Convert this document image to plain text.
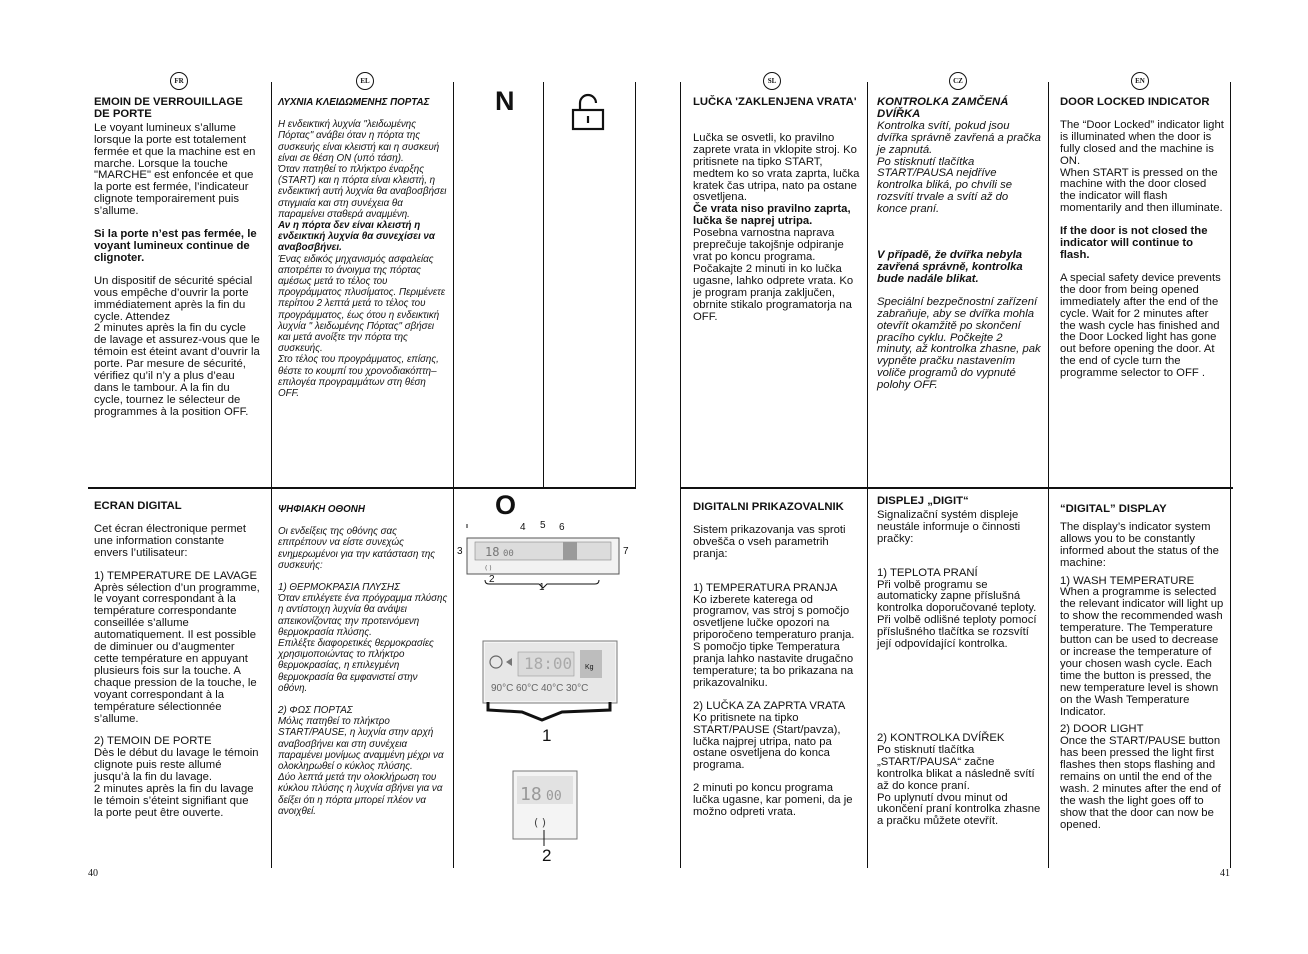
FR	EL	SL	CZ	EN
N
O

EMOIN DE VERROUILLAGE DE PORTE

Le voyant lumineux s’allume lorsque la porte est totalement fermée et que la machine est en marche. Lorsque la touche "MARCHE" est enfoncée et que la porte est fermée, l’indicateur clignote temporairement puis s’allume.

Si la porte n’est pas fermée, le voyant lumineux continue de clignoter.

Un dispositif de sécurité spécial vous empêche d’ouvrir la porte immédiatement après la fin du cycle. Attendez
2 minutes après la fin du cycle de lavage et assurez-vous que le témoin est éteint avant d’ouvrir la porte. Par mesure de sécurité, vérifiez qu’il n’y a plus d’eau dans le tambour. A la fin du cycle, tournez le sélecteur de programmes à la position OFF.

ECRAN DIGITAL

Cet écran électronique permet une information constante envers l’utilisateur:

1) TEMPERATURE DE LAVAGE
Après sélection d’un programme, le voyant correspondant à la température correspondante conseillée s’allume automatiquement. Il est possible de diminuer ou d’augmenter cette température en appuyant plusieurs fois sur la touche. A chaque pression de la touche, le voyant correspondant à la température sélectionnée s’allume.

2) TEMOIN DE PORTE
Dès le début du lavage le témoin clignote puis reste allumé jusqu’à la fin du lavage.
2 minutes après la fin du lavage le témoin s’éteint signifiant que la porte peut être ouverte.

ΛΥΧΝΙΑ ΚΛΕΙΔΩΜΕΝΗΣ ΠΟΡΤΑΣ

Η ενδεικτική λυχνία "λειδωμένης Πόρτας" ανάβει όταν η πόρτα της συσκευής είναι κλειστή και η συσκευή είναι σε θέση ON (υπό τάση).
Όταν πατηθεί το πλήκτρο έναρξης (START) και η πόρτα είναι κλειστή, η ενδεικτική αυτή λυχνία θα αναβοσβήσει στιγμιαία και στη συνέχεια θα παραμείνει σταθερά αναμμένη.

Αν η πόρτα δεν είναι κλειστή η ενδεικτική λυχνία θα συνεχίσει να αναβοσβήνει.

Ένας ειδικός μηχανισμός ασφαλείας αποτρέπει το άνοιγμα της πόρτας αμέσως μετά το τέλος του προγράμματος πλυσίματος. Περιμένετε περίπου 2 λεπτά μετά το τέλος του προγράμματος, έως ότου η ενδεικτική λυχνία " λειδωμένης Πόρτας" σβήσει και μετά ανοίξτε την πόρτα της συσκευής.
Στο τέλος του προγράμματος, επίσης, θέστε το κουμπί του χρονοδιακόπτη–επιλογέα προγραμμάτων στη θέση OFF.

ΨΗΦΙΑΚΗ ΟΘΟΝΗ

Οι ενδείξεις της οθόνης σας επιτρέπουν να είστε συνεχώς ενημερωμένοι για την κατάσταση της συσκευής:

1) ΘΕΡΜΟΚΡΑΣΙΑ ΠΛΥΣΗΣ
Όταν επιλέγετε ένα πρόγραμμα πλύσης η αντίστοιχη λυχνία θα ανάψει απεικονίζοντας την προτεινόμενη θερμοκρασία πλύσης.
Επιλέξτε διαφορετικές θερμοκρασίες χρησιμοποιώντας το πλήκτρο θερμοκρασίας, η επιλεγμένη θερμοκρασία θα εμφανιστεί στην οθόνη.

2) ΦΩΣ ΠΟΡΤΑΣ
Μόλις πατηθεί το πλήκτρο START/PAUSE, η λυχνία στην αρχή αναβοσβήνει και στη συνέχεια παραμένει μονίμως αναμμένη μέχρι να ολοκληρωθεί ο κύκλος πλύσης.
Δύο λεπτά μετά την ολοκλήρωση του κύκλου πλύσης η λυχνία σβήνει για να δείξει ότι η πόρτα μπορεί πλέον να ανοιχθεί.

18 00
( )
4 5 6
3	7
2
1
Kg
18:00
90°C 60°C 40°C 30°C
1
18 00
( )
2

LUČKA 'ZAKLENJENA VRATA'

Lučka se osvetli, ko pravilno zaprete vrata in vklopite stroj. Ko pritisnete na tipko START, medtem ko so vrata zaprta, lučka kratek čas utripa, nato pa ostane osvetljena.

Če vrata niso pravilno zaprta, lučka še naprej utripa.

Posebna varnostna naprava preprečuje takojšnje odpiranje vrat po koncu programa. Počakajte 2 minuti in ko lučka ugasne, lahko odprete vrata. Ko je program pranja zaključen, obrnite stikalo programatorja na OFF.

DIGITALNI PRIKAZOVALNIK

Sistem prikazovanja vas sproti obvešča o vseh parametrih pranja:

1) TEMPERATURA PRANJA
Ko izberete katerega od programov, vas stroj s pomočjo osvetljene lučke opozori na priporočeno temperaturo pranja.
S pomočjo tipke Temperatura pranja lahko nastavite drugačno temperature; ta bo prikazana na prikazovalniku.

2) LUČKA ZA ZAPRTA VRATA
Ko pritisnete na tipko START/PAUSE (Start/pavza), lučka najprej utripa, nato pa ostane osvetljena do konca programa.

2 minuti po koncu programa lučka ugasne, kar pomeni, da je možno odpreti vrata.

KONTROLKA ZAMČENÁ DVÍŘKA

Kontrolka svítí, pokud jsou dvířka správně zavřená a pračka je zapnutá.
Po stisknutí tlačítka START/PAUSA nejdříve kontrolka bliká, po chvíli se rozsvítí trvale a svítí až do konce praní.

V případě, že dvířka nebyla zavřená správně, kontrolka bude nadále blikat.

Speciální bezpečnostní zařízení zabraňuje, aby se dvířka mohla otevřít okamžitě po skončení pracího cyklu. Počkejte 2 minuty, až kontrolka zhasne, pak vypněte pračku nastavením voliče programů do vypnuté polohy OFF.

DISPLEJ „DIGIT“

Signalizační systém displeje neustále informuje o činnosti pračky:

1) TEPLOTA PRANÍ
Při volbě programu se automaticky zapne příslušná kontrolka doporučované teploty.
Při volbě odlišné teploty pomocí příslušného tlačítka se rozsvítí její odpovídající kontrolka.

2) KONTROLKA DVÍŘEK
Po stisknutí tlačítka „START/PAUSA“ začne kontrolka blikat a následně svítí až do konce praní.
Po uplynutí dvou minut od ukončení praní kontrolka zhasne a pračku můžete otevřít.

DOOR LOCKED INDICATOR

The “Door Locked” indicator light is illuminated when the door is fully closed and the machine is ON.
When START is pressed on the machine with the door closed the indicator will flash momentarily and then illuminate.

If the door is not closed the indicator will continue to flash.

A special safety device prevents the door from being opened immediately after the end of the cycle. Wait for 2 minutes after the wash cycle has finished and the Door Locked light has gone out before opening the door. At the end of cycle turn the programme selector to OFF .

“DIGITAL” DISPLAY

The display’s indicator system allows you to be constantly informed about the status of the machine:

1) WASH TEMPERATURE
When a programme is selected the relevant indicator will light up to show the recommended wash temperature. The Temperature button can be used to decrease or increase the temperature of your chosen wash cycle. Each time the button is pressed, the new temperature level is shown on the Wash Temperature Indicator.

2) DOOR LIGHT
Once the START/PAUSE button has been pressed the light first flashes then stops flashing and remains on until the end of the wash. 2 minutes after the end of the wash the light goes off to show that the door can now be opened.

40	41
